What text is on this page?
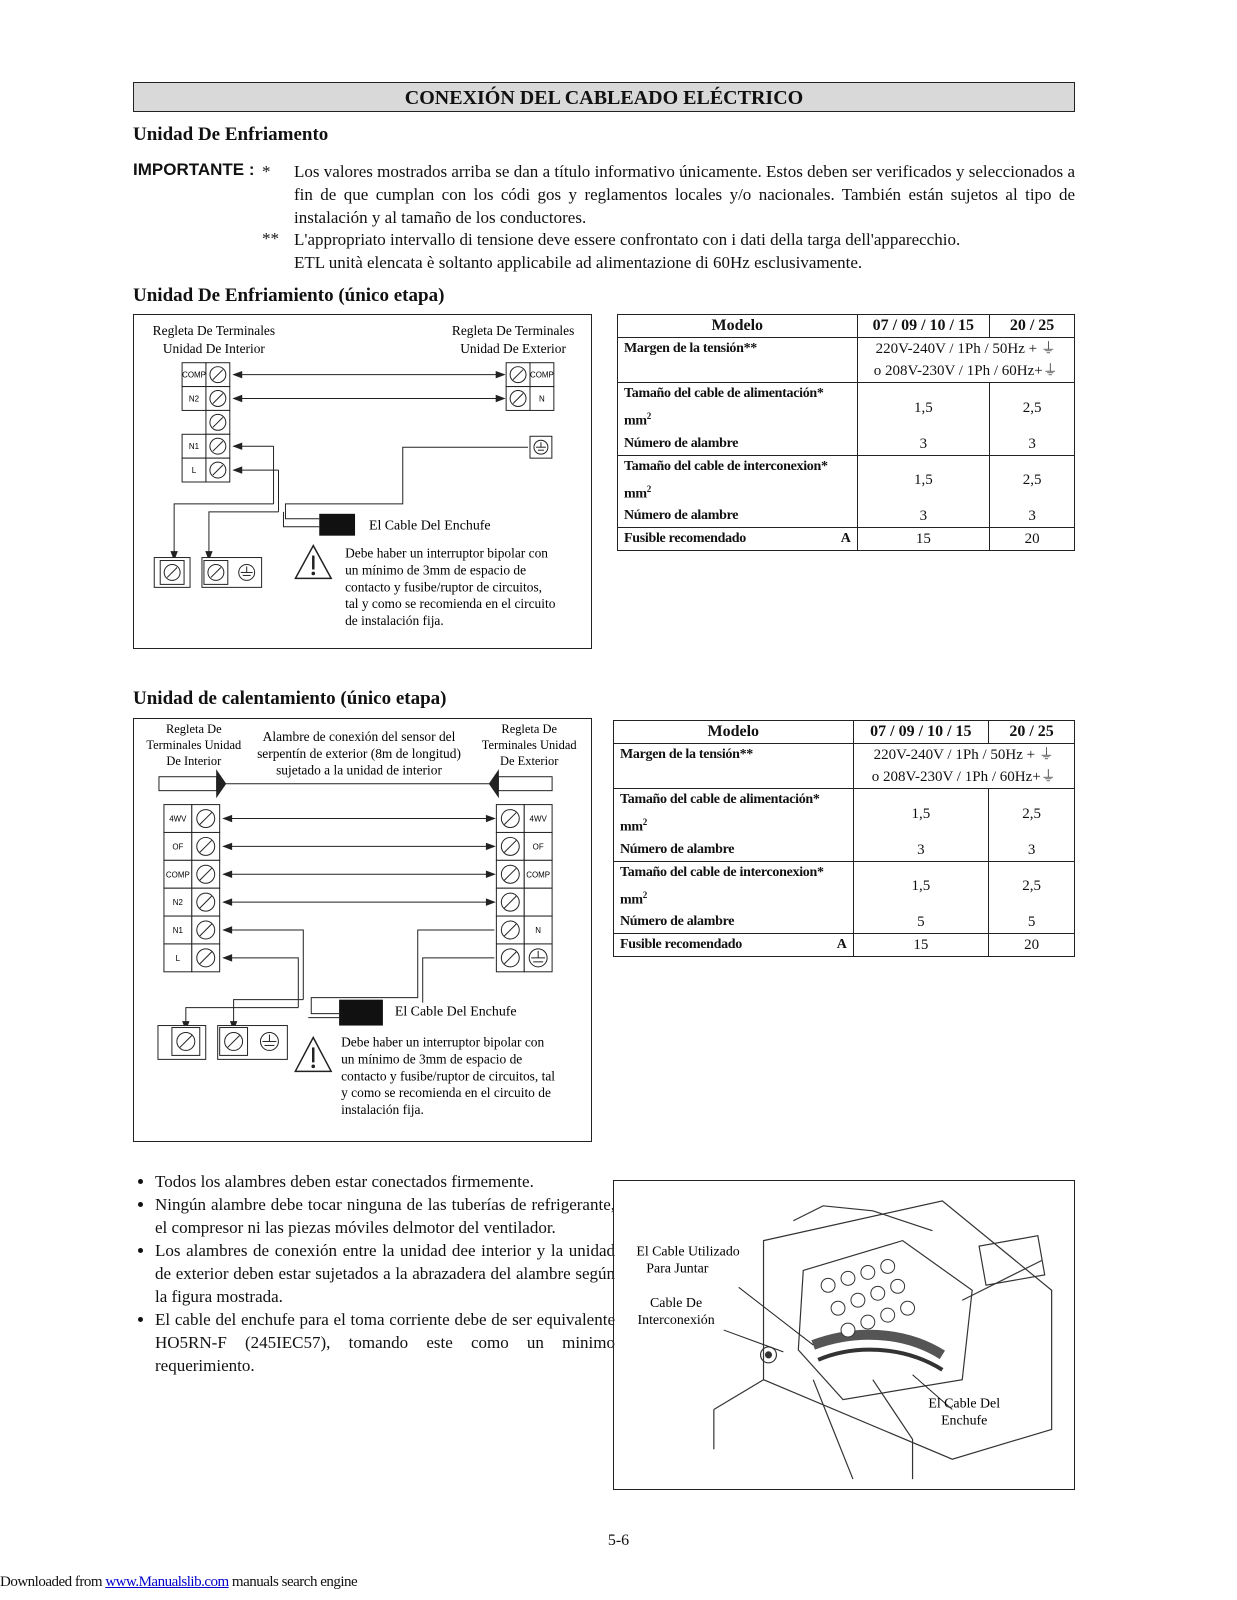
CONEXIÓN DEL CABLEADO ELÉCTRICO
Unidad De Enfriamento
IMPORTANTE : * Los valores mostrados arriba se dan a título informativo únicamente. Estos deben ser verificados y seleccionados a fin de que cumplan con los códi gos y reglamentos locales y/o nacionales. También están sujetos al tipo de instalación y al tamaño de los conductores.
** L'appropriato intervallo di tensione deve essere confrontato con i dati della targa dell'apparecchio.
ETL unità elencata è soltanto applicabile ad alimentazione di 60Hz esclusivamente.
Unidad De Enfriamiento (único etapa)
Regleta De Terminales
Unidad De Interior
Regleta De Terminales
Unidad De Exterior
COMP
N2
N1
L
COMP
N
El Cable Del Enchufe
Debe haber un interruptor bipolar con
un mínimo de 3mm de espacio de
contacto y fusibe/ruptor de circuitos,
tal y como se recomienda en el circuito
de instalación fija.
Modelo	07 / 09 / 10 / 15	20 / 25
Margen de la tensión**	220V-240V / 1Ph / 50Hz + ⏚	
	o 208V-230V / 1Ph / 60Hz+⏚	
Tamaño del cable de alimentación* $mm^2$	1,5	2,5
Número de alambre	3	3
Tamaño del cable de interconexion* $mm^2$	1,5	2,5
Número de alambre	3	3
Fusible recomendado A	15	20
Unidad de calentamiento (único etapa)
Regleta De
Terminales Unidad
De Interior
Alambre de conexión del sensor del
serpentín de exterior (8m de longitud)
sujetado a la unidad de interior
Regleta De
Terminales Unidad
De Exterior
4WV
OF
COMP
N2
N1
L
4WV
OF
COMP
N
El Cable Del Enchufe
Debe haber un interruptor bipolar con
un mínimo de 3mm de espacio de
contacto y fusibe/ruptor de circuitos, tal
y como se recomienda en el circuito de
instalación fija.
Modelo	07 / 09 / 10 / 15	20 / 25
Margen de la tensión**	220V-240V / 1Ph / 50Hz + ⏚	
	o 208V-230V / 1Ph / 60Hz+⏚	
Tamaño del cable de alimentación* $mm^2$	1,5	2,5
Número de alambre	3	3
Tamaño del cable de interconexion* $mm^2$	1,5	2,5
Número de alambre	5	5
Fusible recomendado A	15	20
• Todos los alambres deben estar conectados firmemente.
• Ningún alambre debe tocar ninguna de las tuberías de refrigerante, el compresor ni las piezas móviles delmotor del ventilador.
• Los alambres de conexión entre la unidad dee interior y la unidad de exterior deben estar sujetados a la abrazadera del alambre según la figura mostrada.
• El cable del enchufe para el toma corriente debe de ser equivalente HO5RN-F (245IEC57), tomando este como un minimo requerimiento.
El Cable Utilizado
Para Juntar
Cable De
Interconexión
El Cable Del
Enchufe
5-6
Downloaded from www.Manualslib.com manuals search engine
